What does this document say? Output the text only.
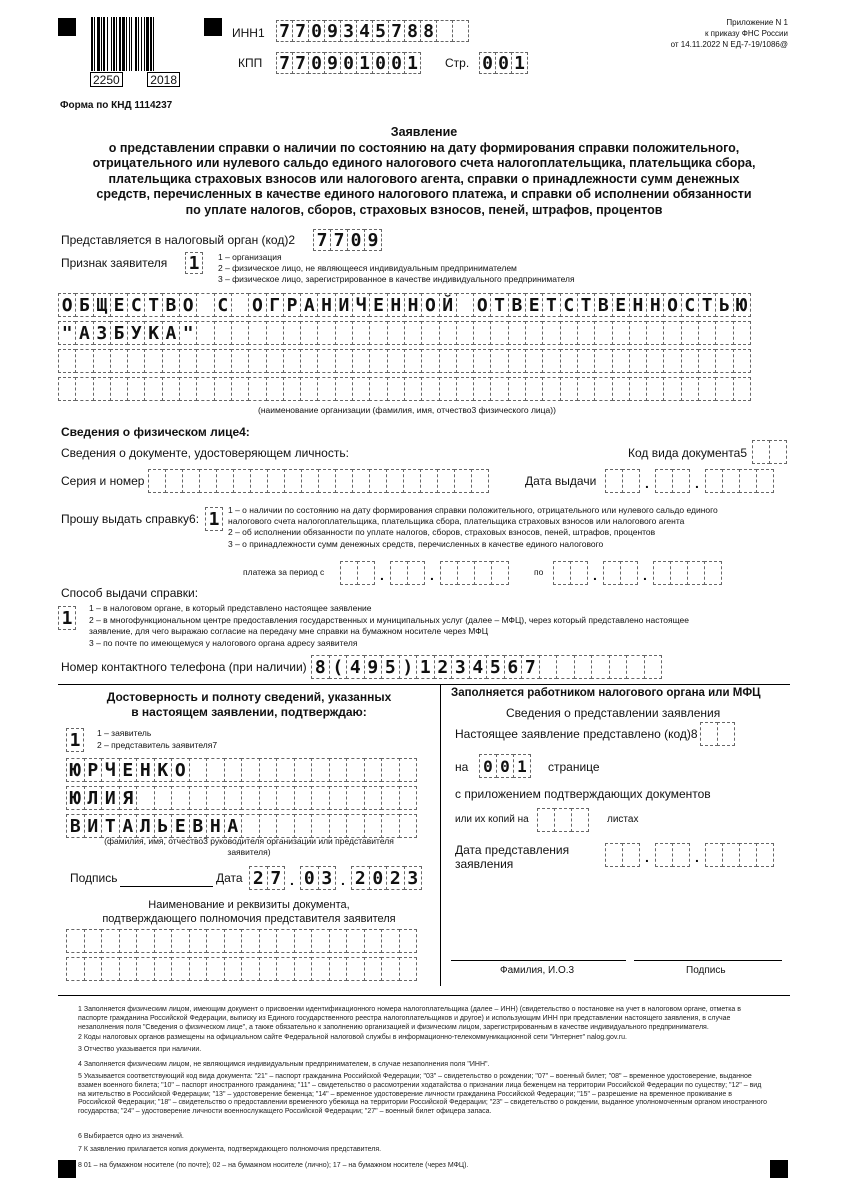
2250	2018
ИНН1 7 7 0 9 3 4 5 7 8 8
КПП 7 7 0 9 0 1 0 0 1 Стр. 0 0 1
Приложение N 1
к приказу ФНС России
от 14.11.2022 N ЕД-7-19/1086@
Форма по КНД 1114237
Заявление
о представлении справки о наличии по состоянию на дату формирования справки положительного,
отрицательного или нулевого сальдо единого налогового счета налогоплательщика, плательщика сбора,
плательщика страховых взносов или налогового агента, справки о принадлежности сумм денежных
средств, перечисленных в качестве единого налогового платежа, и справки об исполнении обязанности
по уплате налогов, сборов, страховых взносов, пеней, штрафов, процентов
Представляется в налоговый орган (код)2 7 7 0 9
Признак заявителя 1	1 – организация
2 – физическое лицо, не являющееся индивидуальным предпринимателем
3 – физическое лицо, зарегистрированное в качестве индивидуального предпринимателя
О Б Щ Е С Т В О С О Г Р А Н И Ч Е Н Н О Й О Т В Е Т С Т В Е Н Н О С Т Ь Ю
" А З Б У К А "
(наименование организации (фамилия, имя, отчество3 физического лица))
Сведения о физическом лице4:
Сведения о документе, удостоверяющем личность:	Код вида документа5
Серия и номер	Дата выдачи	.	.
Прошу выдать справку6: 1	1 – о наличии по состоянию на дату формирования справки положительного, отрицательного или нулевого сальдо единого
налогового счета налогоплательщика, плательщика сбора, плательщика страховых взносов или налогового агента
2 – об исполнении обязанности по уплате налогов, сборов, страховых взносов, пеней, штрафов, процентов
3 – о принадлежности сумм денежных средств, перечисленных в качестве единого налогового
платежа за период с	.	.	по	.	.
Способ выдачи справки:
1	1 – в налоговом органе, в который представлено настоящее заявление
2 – в многофункциональном центре предоставления государственных и муниципальных услуг (далее – МФЦ), через который представлено настоящее
заявление, для чего выражаю согласие на передачу мне справки на бумажном носителе через МФЦ
3 – по почте по имеющемуся у налогового органа адресу заявителя
Номер контактного телефона (при наличии) 8 ( 4 9 5 ) 1 2 3 4 5 6 7
Достоверность и полноту сведений, указанных
в настоящем заявлении, подтверждаю:
1	1 – заявитель
2 – представитель заявителя7
Ю Р Ч Е Н К О
Ю Л И Я
В И Т А Л Ь Е В Н А
(фамилия, имя, отчество3 руководителя организации или представителя
заявителя)
Подпись	Дата 2 7 . 0 3 . 2 0 2 3
Наименование и реквизиты документа,
подтверждающего полномочия представителя заявителя
Заполняется работником налогового органа или МФЦ
Сведения о представлении заявления
Настоящее заявление представлено (код)8
на 0 0 1	странице
с приложением подтверждающих документов
или их копий на	листах
Дата представления
заявления	.	.
Фамилия, И.О.3	Подпись
1 Заполняется физическим лицом, имеющим документ о присвоении идентификационного номера налогоплательщика (далее – ИНН) (свидетельство о постановке на учет в налоговом органе, отметка в паспорте гражданина Российской Федерации, выписку из Единого государственного реестра налогоплательщиков и другое) и использующим ИНН при представлении настоящего заявления, в случае незаполнения поля "Сведения о физическом лице", а также обязательно к заполнению организацией и физическим лицом, зарегистрированным в качестве индивидуального предпринимателя.
2 Коды налоговых органов размещены на официальном сайте Федеральной налоговой службы в информационно-телекоммуникационной сети "Интернет" nalog.gov.ru.
3 Отчество указывается при наличии.
4 Заполняется физическим лицом, не являющимся индивидуальным предпринимателем, в случае незаполнения поля "ИНН".
5 Указывается соответствующий код вида документа: "21" – паспорт гражданина Российской Федерации; "03" – свидетельство о рождении; "07" – военный билет; "08" – временное удостоверение, выданное взамен военного билета; "10" – паспорт иностранного гражданина; "11" – свидетельство о рассмотрении ходатайства о признании лица беженцем на территории Российской Федерации по существу; "12" – вид на жительство в Российской Федерации; "13" – удостоверение беженца; "14" – временное удостоверение личности гражданина Российской Федерации; "15" – разрешение на временное проживание в Российской Федерации; "18" – свидетельство о предоставлении временного убежища на территории Российской Федерации; "23" – свидетельство о рождении, выданное уполномоченным органом иностранного государства; "24" – удостоверение личности военнослужащего Российской Федерации; "27" – военный билет офицера запаса.
6 Выбирается одно из значений.
7 К заявлению прилагается копия документа, подтверждающего полномочия представителя.
8 01 – на бумажном носителе (по почте); 02 – на бумажном носителе (лично); 17 – на бумажном носителе (через МФЦ).
